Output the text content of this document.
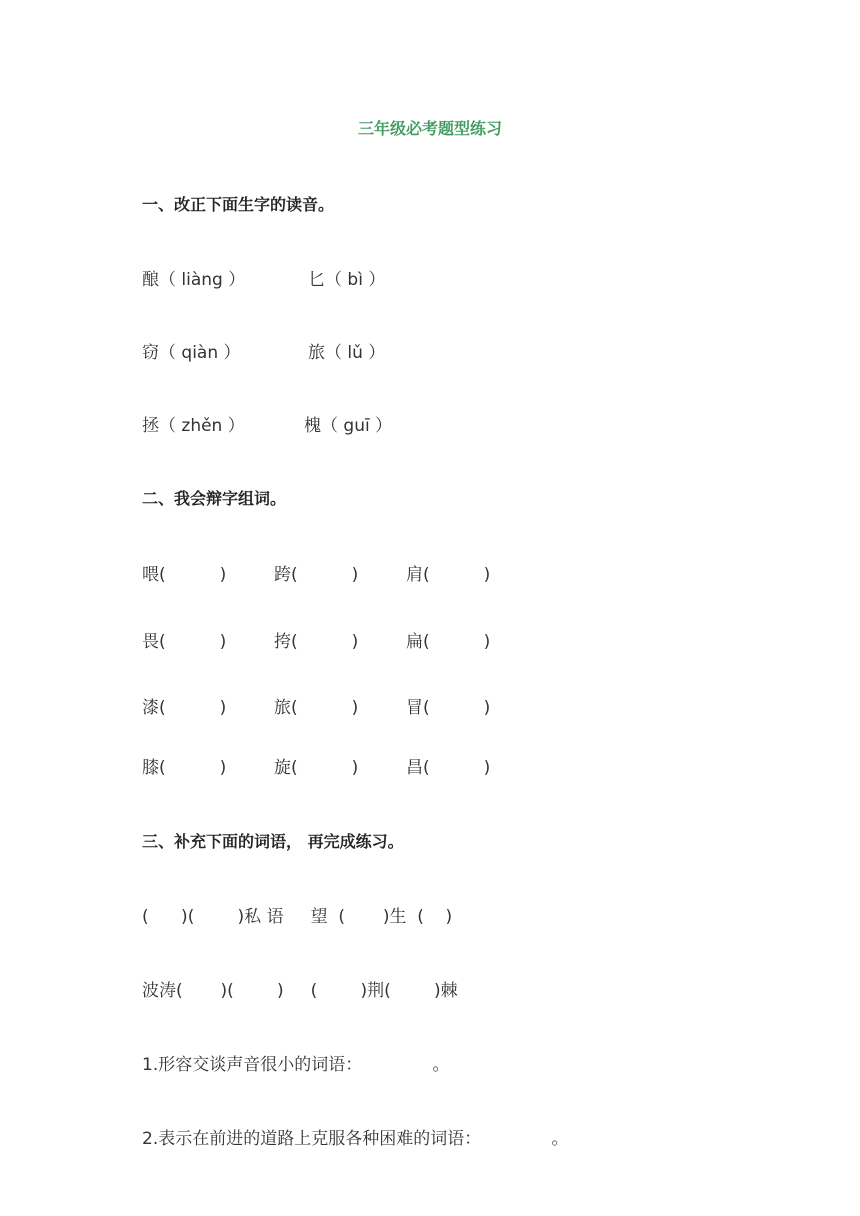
三年级必考题型练习
一、改正下面生字的读音。
酿（ liàng ）	匕（ bì ）
窃（ qiàn ）	旅（ lǔ ）
拯（ zhěn ）	槐（ guī ）
二、我会辩字组词。
喂(          )	跨(          )	肩(          )
畏(          )	挎(          )	扁(          )
漆(          )	旅(          )	冒(          )
膝(          )	旋(          )	昌(          )
三、补充下面的词语， 再完成练习。
(      )(        )私 语     望  (       )生  (    )
波涛(       )(        )     (        )荆(        )棘
1.形容交谈声音很小的词语：             。
2.表示在前进的道路上克服各种困难的词语：             。
